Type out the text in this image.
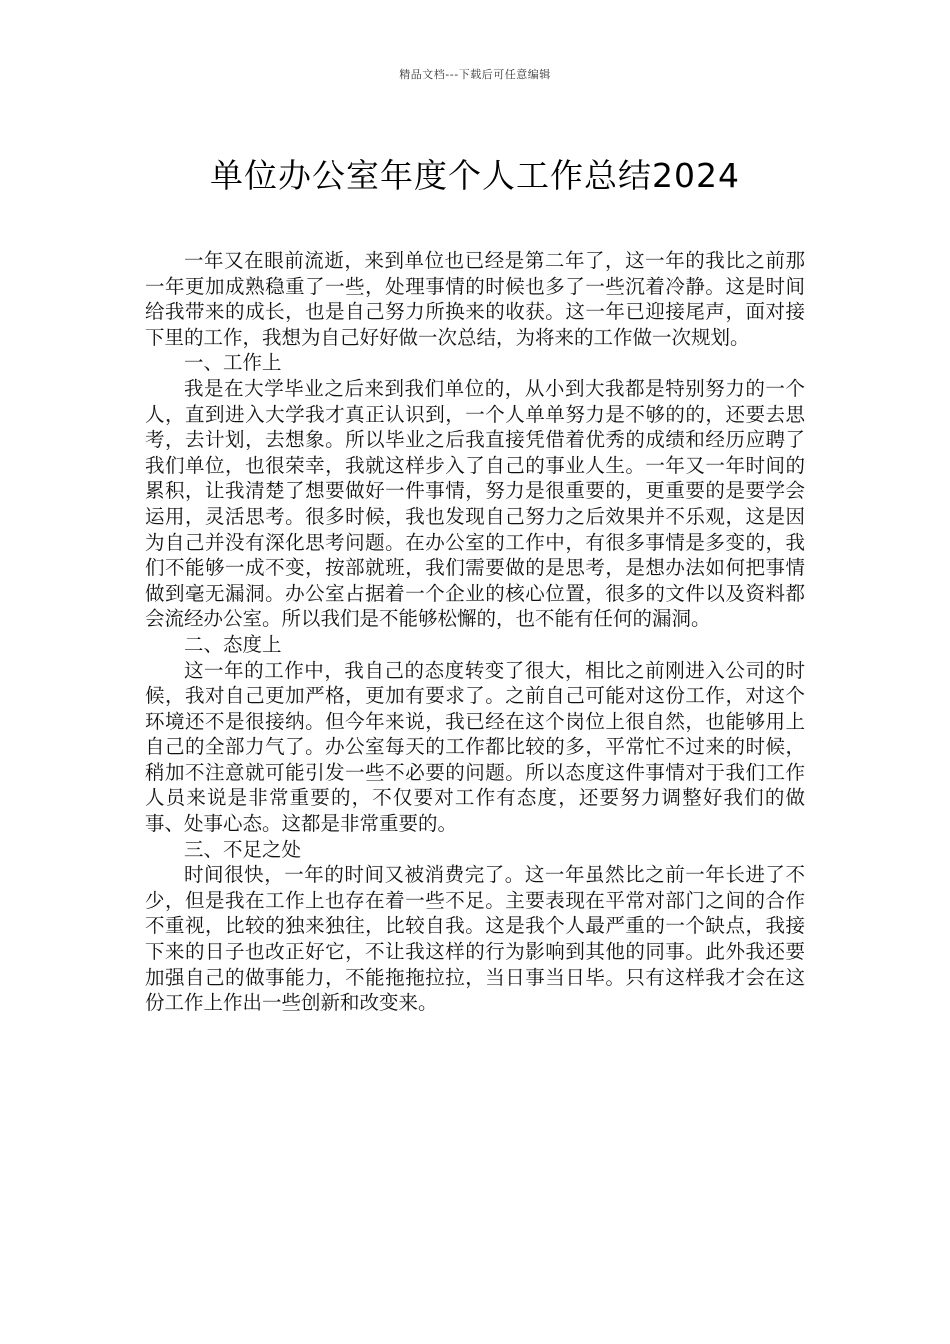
精品文档---下载后可任意编辑
单位办公室年度个人工作总结2024

一年又在眼前流逝，来到单位也已经是第二年了，这一年的我比之前那一年更加成熟稳重了一些，处理事情的时候也多了一些沉着冷静。这是时间给我带来的成长，也是自己努力所换来的收获。这一年已迎接尾声，面对接下里的工作，我想为自己好好做一次总结，为将来的工作做一次规划。

一、工作上

我是在大学毕业之后来到我们单位的，从小到大我都是特别努力的一个人，直到进入大学我才真正认识到，一个人单单努力是不够的的，还要去思考，去计划，去想象。所以毕业之后我直接凭借着优秀的成绩和经历应聘了我们单位，也很荣幸，我就这样步入了自己的事业人生。一年又一年时间的累积，让我清楚了想要做好一件事情，努力是很重要的，更重要的是要学会运用，灵活思考。很多时候，我也发现自己努力之后效果并不乐观，这是因为自己并没有深化思考问题。在办公室的工作中，有很多事情是多变的，我们不能够一成不变，按部就班，我们需要做的是思考，是想办法如何把事情做到毫无漏洞。办公室占据着一个企业的核心位置，很多的文件以及资料都会流经办公室。所以我们是不能够松懈的，也不能有任何的漏洞。

二、态度上

这一年的工作中，我自己的态度转变了很大，相比之前刚进入公司的时候，我对自己更加严格，更加有要求了。之前自己可能对这份工作，对这个环境还不是很接纳。但今年来说，我已经在这个岗位上很自然，也能够用上自己的全部力气了。办公室每天的工作都比较的多，平常忙不过来的时候，稍加不注意就可能引发一些不必要的问题。所以态度这件事情对于我们工作人员来说是非常重要的，不仅要对工作有态度，还要努力调整好我们的做事、处事心态。这都是非常重要的。

三、不足之处

时间很快，一年的时间又被消费完了。这一年虽然比之前一年长进了不少，但是我在工作上也存在着一些不足。主要表现在平常对部门之间的合作不重视，比较的独来独往，比较自我。这是我个人最严重的一个缺点，我接下来的日子也改正好它，不让我这样的行为影响到其他的同事。此外我还要加强自己的做事能力，不能拖拖拉拉，当日事当日毕。只有这样我才会在这份工作上作出一些创新和改变来。
